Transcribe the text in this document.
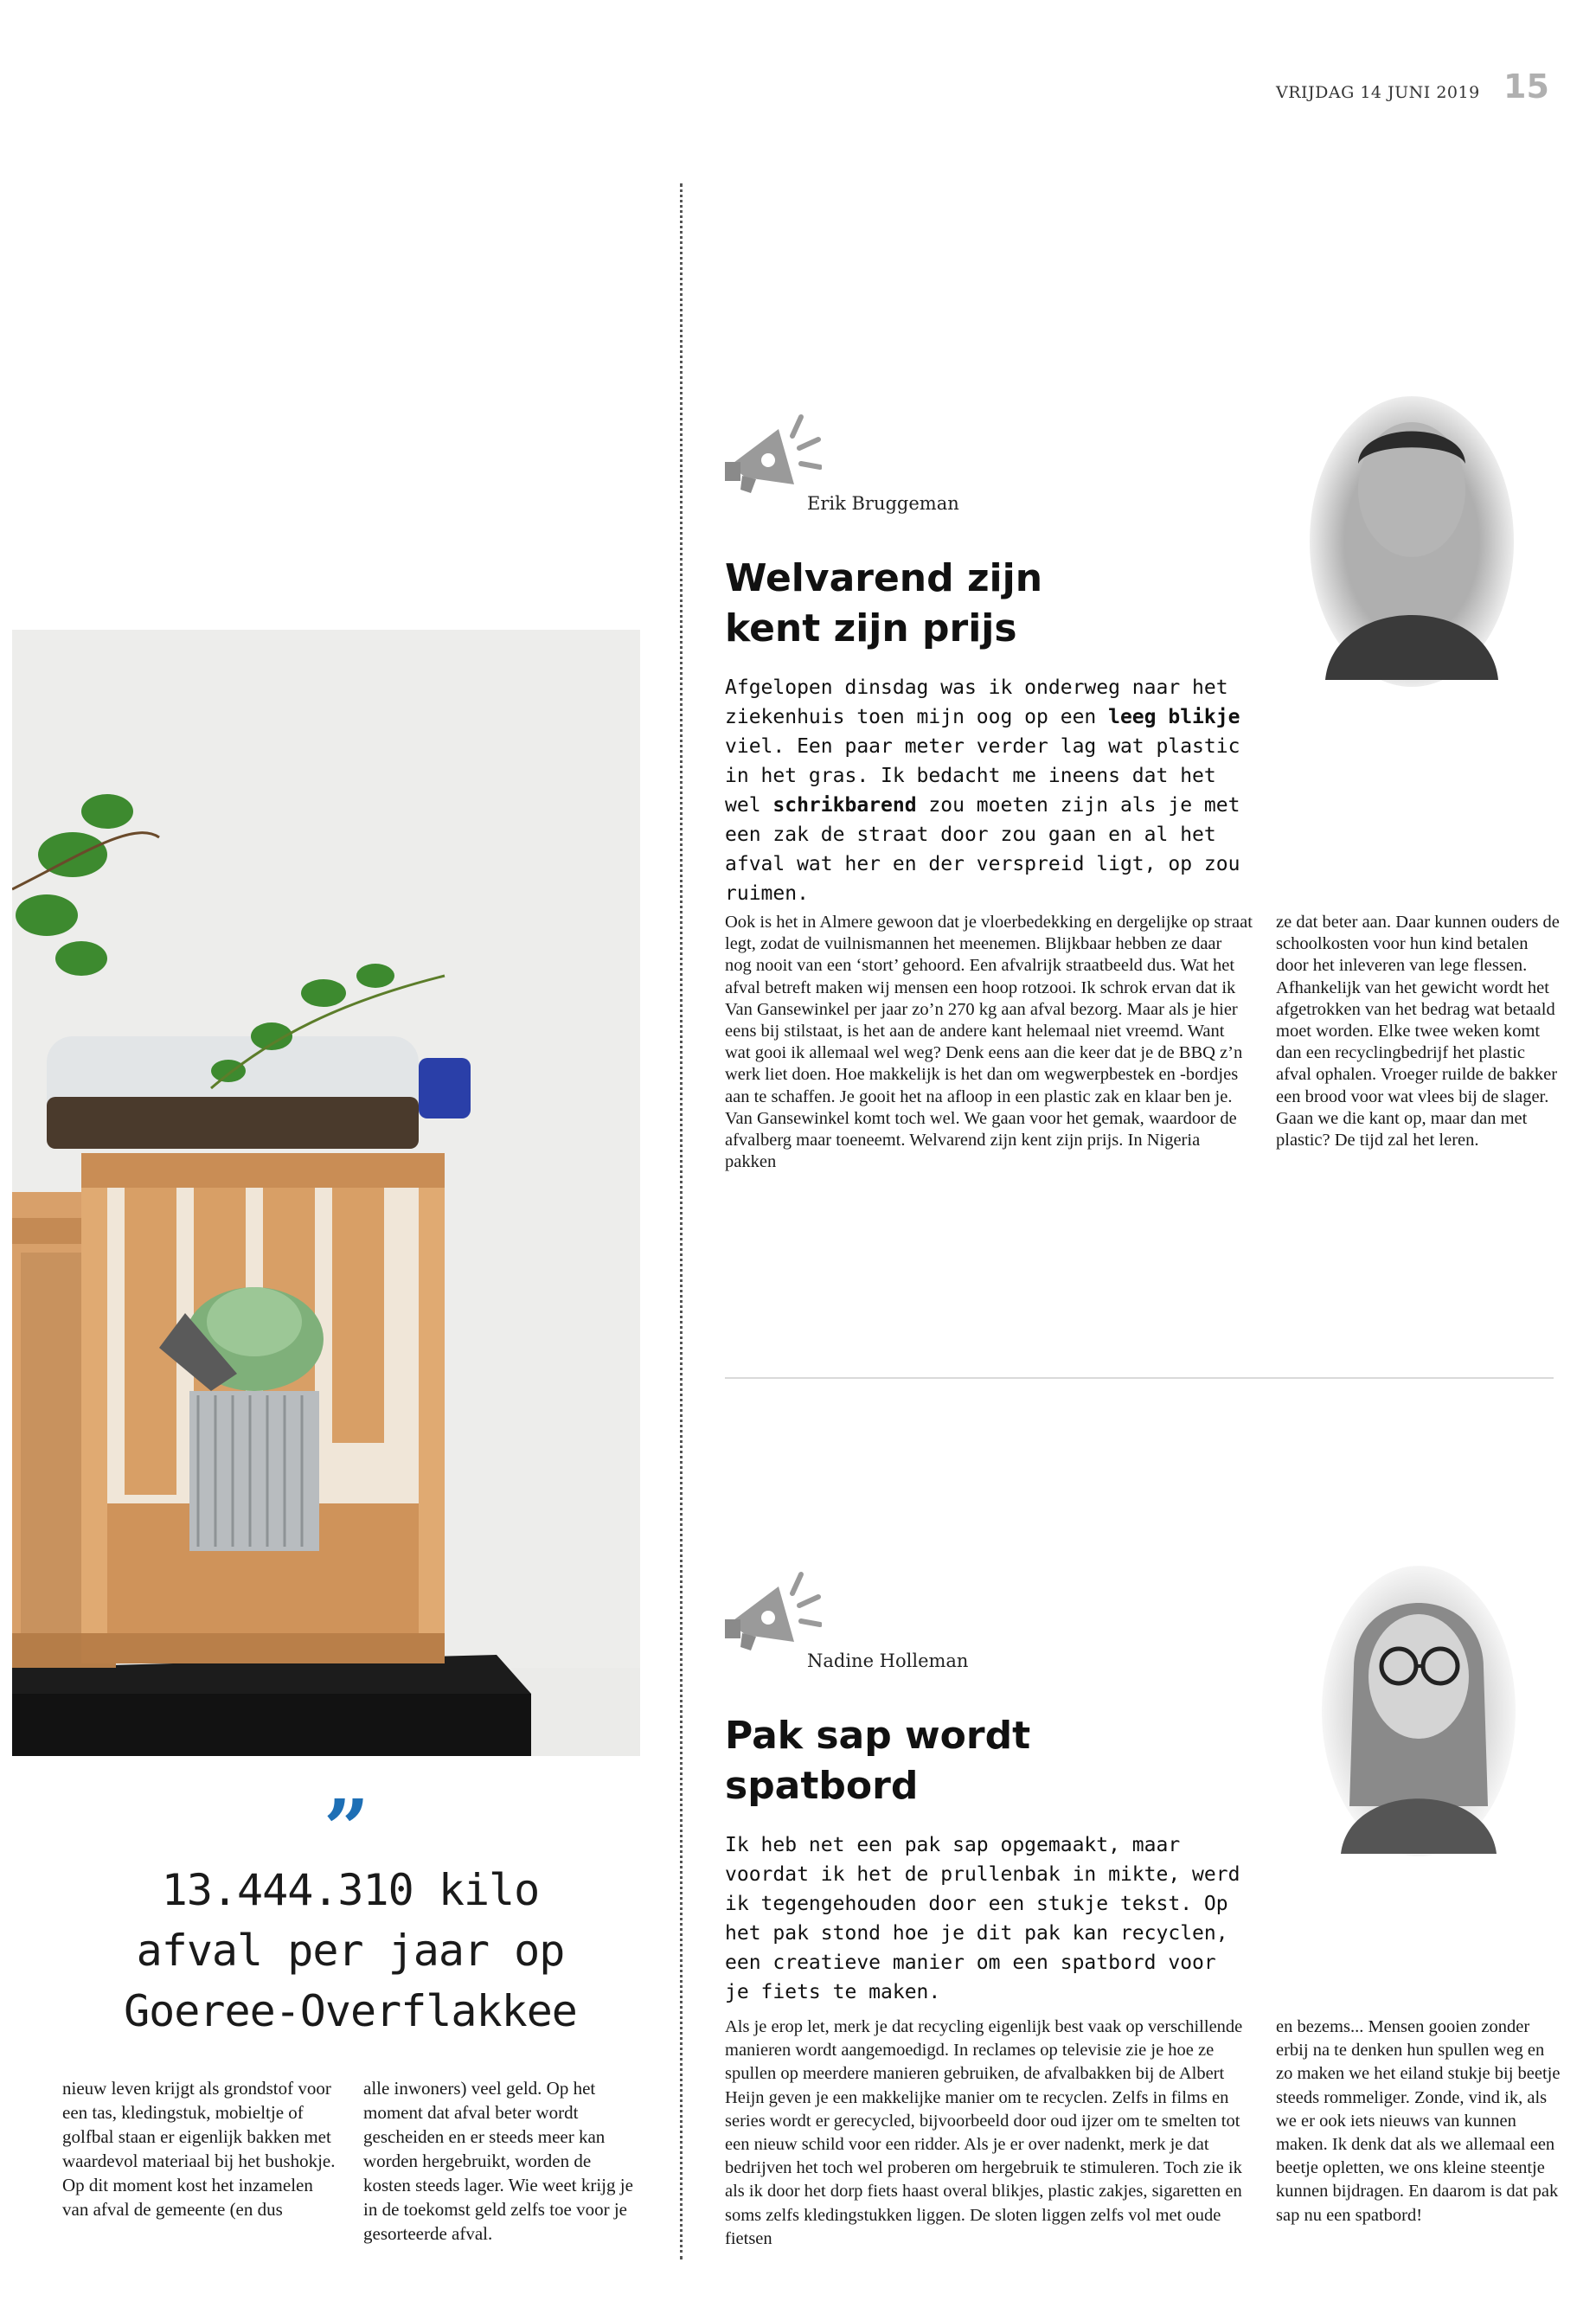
VRIJDAG 14 JUNI 2019 15
”
13.444.310 kilo
afval per jaar op
Goeree-Overflakkee
nieuw leven krijgt als grondstof voor een tas, kledingstuk, mobieltje of golfbal staan er eigenlijk bakken met waardevol materiaal bij het bushokje. Op dit moment kost het inzamelen van afval de gemeente (en dus
alle inwoners) veel geld. Op het moment dat afval beter wordt gescheiden en er steeds meer kan worden hergebruikt, worden de kosten steeds lager. Wie weet krijg je in de toekomst geld zelfs toe voor je gesorteerde afval.
Erik Bruggeman
Welvarend zijn
kent zijn prijs
Afgelopen dinsdag was ik onderweg naar het ziekenhuis toen mijn oog op een leeg blikje viel. Een paar meter verder lag wat plastic in het gras. Ik bedacht me ineens dat het wel schrikbarend zou moeten zijn als je met een zak de straat door zou gaan en al het afval wat her en der verspreid ligt, op zou ruimen.
Ook is het in Almere gewoon dat je vloerbedekking en dergelijke op straat legt, zodat de vuilnismannen het meenemen. Blijkbaar hebben ze daar nog nooit van een ‘stort’ gehoord. Een afvalrijk straatbeeld dus. Wat het afval betreft maken wij mensen een hoop rotzooi. Ik schrok ervan dat ik Van Gansewinkel per jaar zo’n 270 kg aan afval bezorg. Maar als je hier eens bij stilstaat, is het aan de andere kant helemaal niet vreemd. Want wat gooi ik allemaal wel weg? Denk eens aan die keer dat je de BBQ z’n werk liet doen. Hoe makkelijk is het dan om wegwerpbestek en -bordjes aan te schaffen. Je gooit het na afloop in een plastic zak en klaar ben je. Van Gansewinkel komt toch wel. We gaan voor het gemak, waardoor de afvalberg maar toeneemt. Welvarend zijn kent zijn prijs. In Nigeria pakken
ze dat beter aan. Daar kunnen ouders de schoolkosten voor hun kind betalen door het inleveren van lege flessen. Afhankelijk van het gewicht wordt het afgetrokken van het bedrag wat betaald moet worden. Elke twee weken komt dan een recyclingbedrijf het plastic afval ophalen. Vroeger ruilde de bakker een brood voor wat vlees bij de slager. Gaan we die kant op, maar dan met plastic? De tijd zal het leren.
Nadine Holleman
Pak sap wordt
spatbord
Ik heb net een pak sap opgemaakt, maar voordat ik het de prullenbak in mikte, werd ik tegengehouden door een stukje tekst. Op het pak stond hoe je dit pak kan recyclen, een creatieve manier om een spatbord voor je fiets te maken.
Als je erop let, merk je dat recycling eigenlijk best vaak op verschillende manieren wordt aangemoedigd. In reclames op televisie zie je hoe ze spullen op meerdere manieren gebruiken, de afvalbakken bij de Albert Heijn geven je een makkelijke manier om te recyclen. Zelfs in films en series wordt er gerecycled, bijvoorbeeld door oud ijzer om te smelten tot een nieuw schild voor een ridder. Als je er over nadenkt, merk je dat bedrijven het toch wel proberen om hergebruik te stimuleren. Toch zie ik als ik door het dorp fiets haast overal blikjes, plastic zakjes, sigaretten en soms zelfs kledingstukken liggen. De sloten liggen zelfs vol met oude fietsen
en bezems... Mensen gooien zonder erbij na te denken hun spullen weg en zo maken we het eiland stukje bij beetje steeds rommeliger. Zonde, vind ik, als we er ook iets nieuws van kunnen maken. Ik denk dat als we allemaal een beetje opletten, we ons kleine steentje kunnen bijdragen. En daarom is dat pak sap nu een spatbord!
